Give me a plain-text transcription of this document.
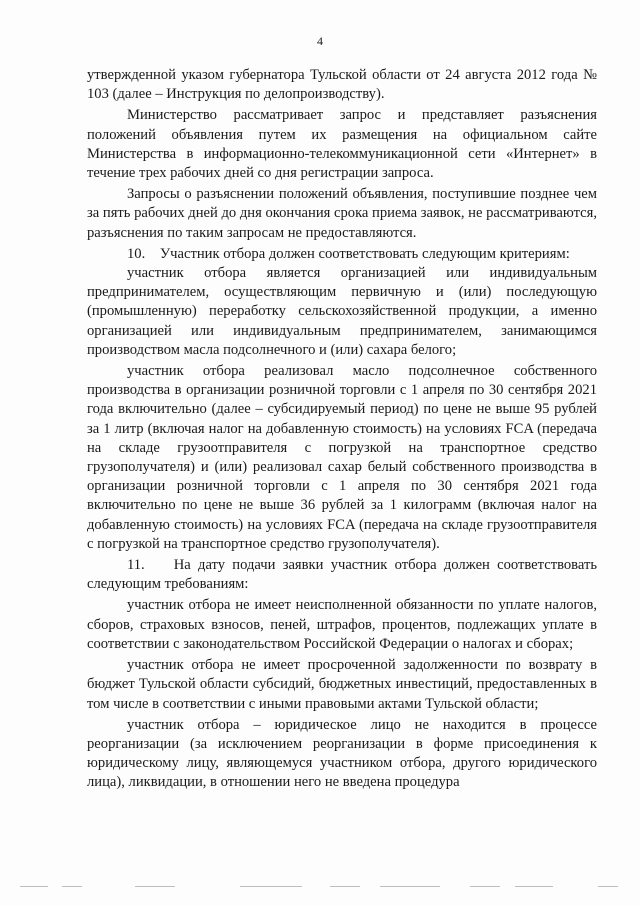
4

утвержденной указом губернатора Тульской области от 24 августа 2012 года № 103 (далее – Инструкция по делопроизводству).

Министерство рассматривает запрос и представляет разъяснения положений объявления путем их размещения на официальном сайте Министерства в информационно-телекоммуникационной сети «Интернет» в течение трех рабочих дней со дня регистрации запроса.

Запросы о разъяснении положений объявления, поступившие позднее чем за пять рабочих дней до дня окончания срока приема заявок, не рассматриваются, разъяснения по таким запросам не предоставляются.

10.    Участник отбора должен соответствовать следующим критериям:

участник отбора является организацией или индивидуальным предпринимателем, осуществляющим первичную и (или) последующую (промышленную) переработку сельскохозяйственной продукции, а именно организацией или индивидуальным предпринимателем, занимающимся производством масла подсолнечного и (или) сахара белого;

участник отбора реализовал масло подсолнечное собственного производства в организации розничной торговли с 1 апреля по 30 сентября 2021 года включительно (далее – субсидируемый период) по цене не выше 95 рублей за 1 литр (включая налог на добавленную стоимость) на условиях FCA (передача на складе грузоотправителя с погрузкой на транспортное средство грузополучателя) и (или) реализовал сахар белый собственного производства в организации розничной торговли с 1 апреля по 30 сентября 2021 года включительно по цене не выше 36 рублей за 1 килограмм (включая налог на добавленную стоимость) на условиях FCA (передача на складе грузоотправителя с погрузкой на транспортное средство грузополучателя).

11.    На дату подачи заявки участник отбора должен соответствовать следующим требованиям:

участник отбора не имеет неисполненной обязанности по уплате налогов, сборов, страховых взносов, пеней, штрафов, процентов, подлежащих уплате в соответствии с законодательством Российской Федерации о налогах и сборах;

участник отбора не имеет просроченной задолженности по возврату в бюджет Тульской области субсидий, бюджетных инвестиций, предоставленных в том числе в соответствии с иными правовыми актами Тульской области;

участник отбора – юридическое лицо не находится в процессе реорганизации (за исключением реорганизации в форме присоединения к юридическому лицу, являющемуся участником отбора, другого юридического лица), ликвидации, в отношении него не введена процедура
